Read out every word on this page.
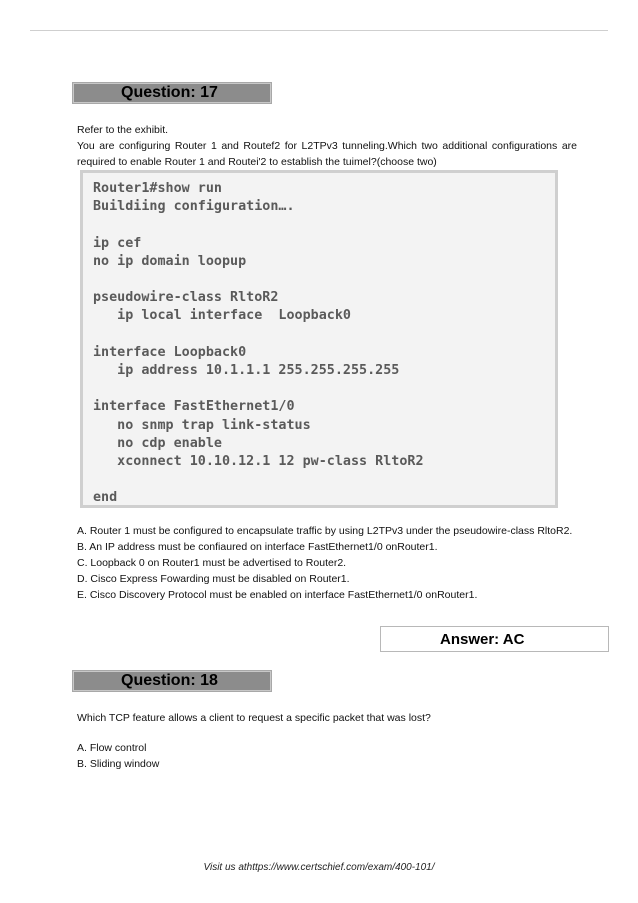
Question: 17

Refer to the exhibit.

You are configuring Router 1 and Routef2 for L2TPv3 tunneling.Which two additional configurations are required to enable Router 1 and Routei'2 to establish the tuimel?(choose two)

Router1#show run
Buildiing configuration….

ip cef
no ip domain loopup

pseudowire-class RltoR2
ip local interface  Loopback0

interface Loopback0
ip address 10.1.1.1 255.255.255.255

interface FastEthernet1/0
no snmp trap link-status
no cdp enable
xconnect 10.10.12.1 12 pw-class RltoR2

end

A. Router 1 must be configured to encapsulate traffic by using L2TPv3 under the pseudowire-class RltoR2.

B. An IP address must be confiaured on interface FastEthernet1/0 onRouter1.

C. Loopback 0 on Router1 must be advertised to Router2.

D. Cisco Express Fowarding must be disabled on Router1.

E. Cisco Discovery Protocol must be enabled on interface FastEthernet1/0 onRouter1.

Answer: AC
Question: 18
Which TCP feature allows a client to request a specific packet that was lost?

A. Flow control

B. Sliding window

Visit us athttps://www.certschief.com/exam/400-101/
